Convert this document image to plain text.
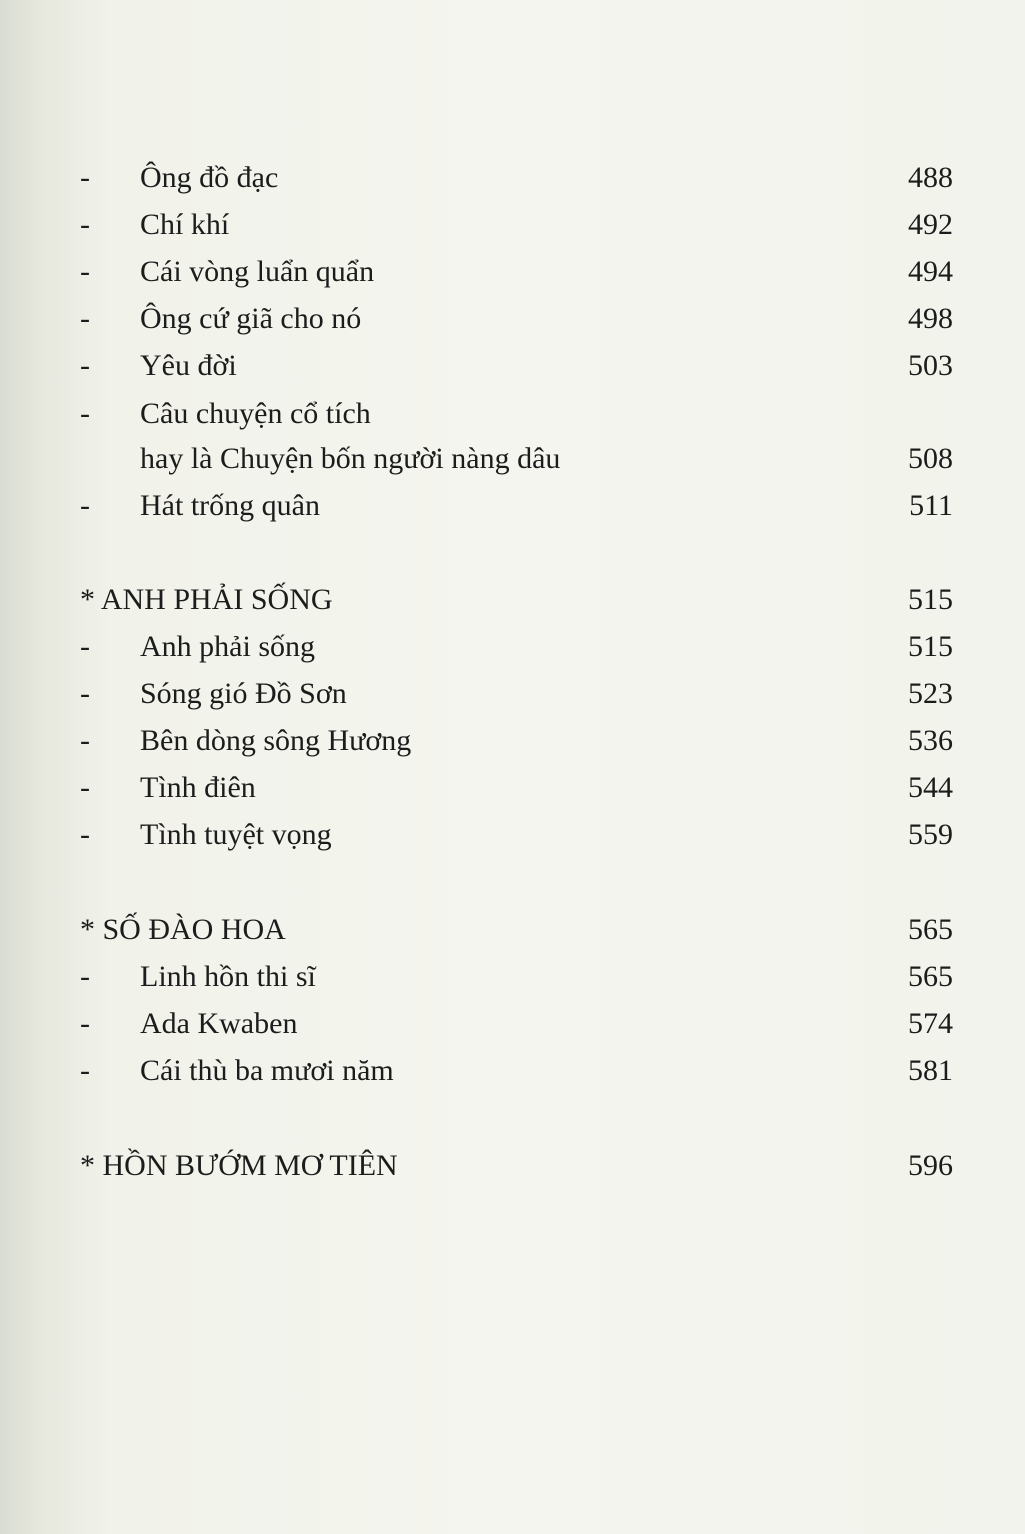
-	Ông đồ đạc	488
-	Chí khí	492
-	Cái vòng luẩn quẩn	494
-	Ông cứ giã cho nó	498
-	Yêu đời	503
-	Câu chuyện cổ tích
hay là Chuyện bốn người nàng dâu	508
-	Hát trống quân	511
* ANH PHẢI SỐNG	515
-	Anh phải sống	515
-	Sóng gió Đồ Sơn	523
-	Bên dòng sông Hương	536
-	Tình điên	544
-	Tình tuyệt vọng	559
* SỐ ĐÀO HOA	565
-	Linh hồn thi sĩ	565
-	Ada Kwaben	574
-	Cái thù ba mươi năm	581
* HỒN BƯỚM MƠ TIÊN	596
